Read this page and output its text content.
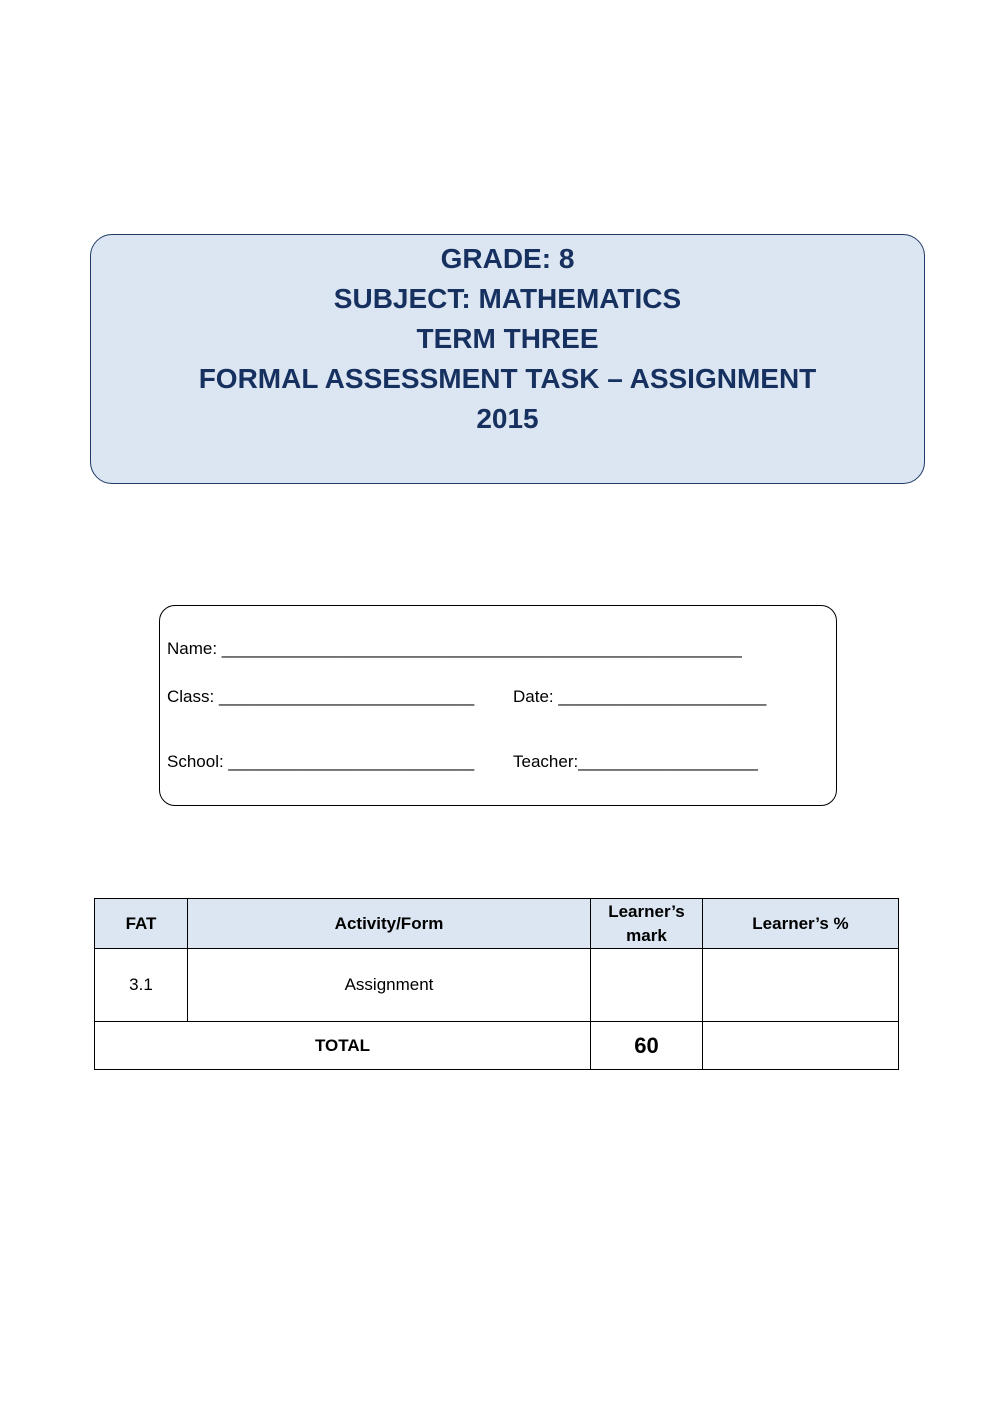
GRADE: 8
SUBJECT: MATHEMATICS
TERM THREE
FORMAL ASSESSMENT TASK – ASSIGNMENT
2015
Name: _______________________________________________________
Class: ___________________________ Date: ______________________
School: __________________________ Teacher:___________________
FAT	Activity/Form	Learner’s mark	Learner’s %
3.1	Assignment		
TOTAL		60	
